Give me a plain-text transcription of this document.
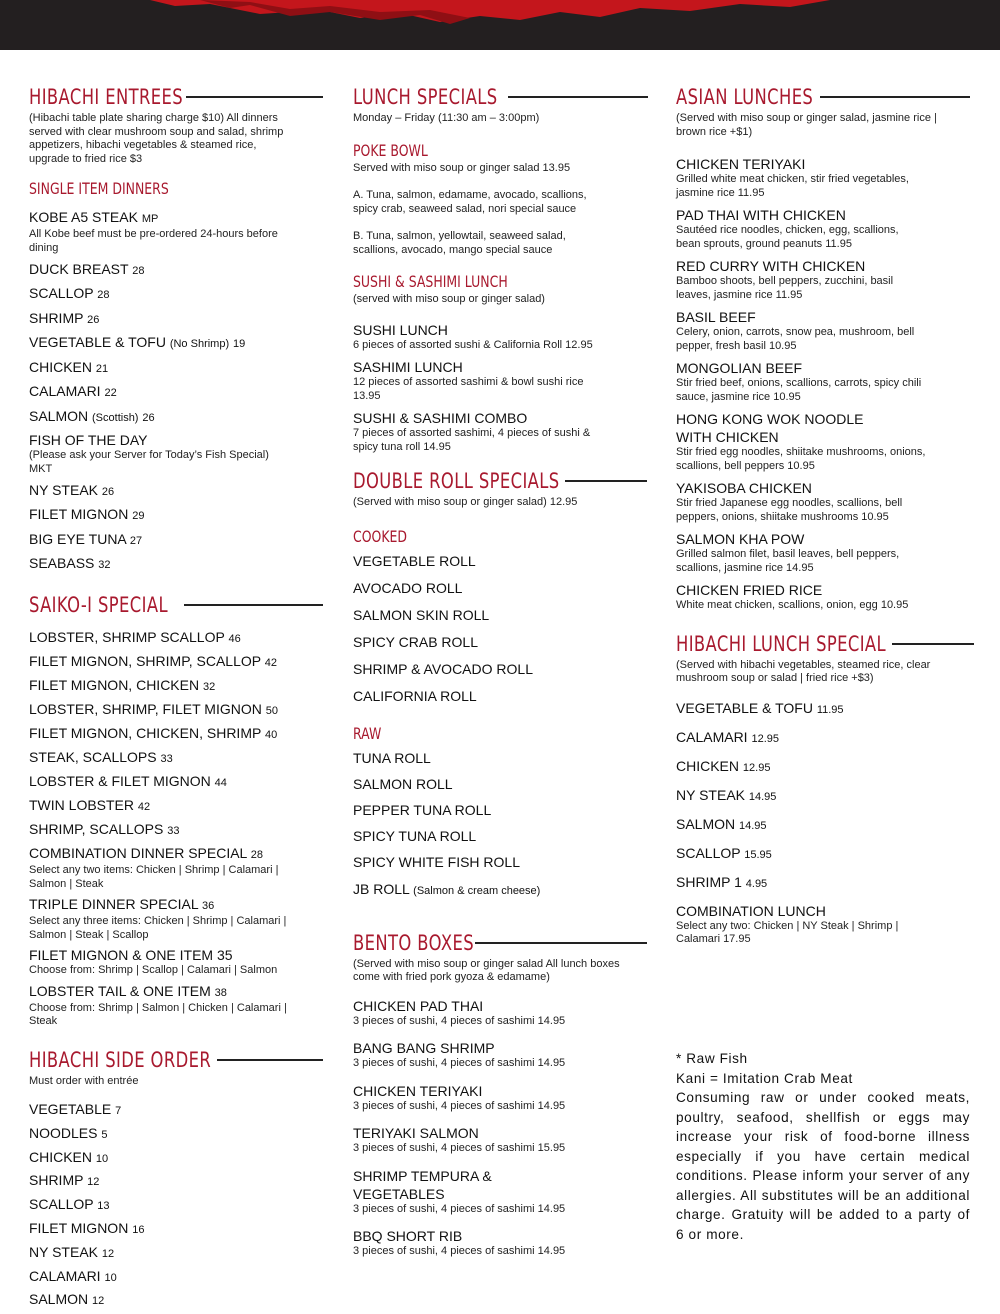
HIBACHI ENTREES
(Hibachi table plate sharing charge $10) All dinners served with clear mushroom soup and salad, shrimp appetizers, hibachi vegetables & steamed rice, upgrade to fried rice $3
SINGLE ITEM DINNERS
KOBE A5 STEAK MP
All Kobe beef must be pre-ordered 24-hours before dining
DUCK BREAST 28
SCALLOP 28
SHRIMP 26
VEGETABLE & TOFU (No Shrimp) 19
CHICKEN 21
CALAMARI 22
SALMON (Scottish) 26
FISH OF THE DAY
(Please ask your Server for Today’s Fish Special) MKT
NY STEAK 26
FILET MIGNON 29
BIG EYE TUNA 27
SEABASS 32
SAIKO-I SPECIAL
LOBSTER, SHRIMP SCALLOP 46
FILET MIGNON, SHRIMP, SCALLOP 42
FILET MIGNON, CHICKEN 32
LOBSTER, SHRIMP, FILET MIGNON 50
FILET MIGNON, CHICKEN, SHRIMP 40
STEAK, SCALLOPS 33
LOBSTER & FILET MIGNON 44
TWIN LOBSTER 42
SHRIMP, SCALLOPS 33
COMBINATION DINNER SPECIAL 28
Select any two items: Chicken | Shrimp | Calamari | Salmon | Steak
TRIPLE DINNER SPECIAL 36
Select any three items: Chicken | Shrimp | Calamari | Salmon | Steak | Scallop
FILET MIGNON & ONE ITEM 35
Choose from: Shrimp | Scallop | Calamari | Salmon
LOBSTER TAIL & ONE ITEM 38
Choose from: Shrimp | Salmon | Chicken | Calamari | Steak
HIBACHI SIDE ORDER
Must order with entrée
VEGETABLE 7
NOODLES 5
CHICKEN 10
SHRIMP 12
SCALLOP 13
FILET MIGNON 16
NY STEAK 12
CALAMARI 10
SALMON 12
LUNCH SPECIALS
Monday – Friday (11:30 am – 3:00pm)
POKE BOWL
Served with miso soup or ginger salad 13.95
A. Tuna, salmon, edamame, avocado, scallions, spicy crab, seaweed salad, nori special sauce
B. Tuna, salmon, yellowtail, seaweed salad, scallions, avocado, mango special sauce
SUSHI & SASHIMI LUNCH
(served with miso soup or ginger salad)
SUSHI LUNCH
6 pieces of assorted sushi & California Roll 12.95
SASHIMI LUNCH
12 pieces of assorted sashimi & bowl sushi rice 13.95
SUSHI & SASHIMI COMBO
7 pieces of assorted sashimi, 4 pieces of sushi & spicy tuna roll 14.95
DOUBLE ROLL SPECIALS
(Served with miso soup or ginger salad) 12.95
COOKED
VEGETABLE ROLL
AVOCADO ROLL
SALMON SKIN ROLL
SPICY CRAB ROLL
SHRIMP & AVOCADO ROLL
CALIFORNIA ROLL
RAW
TUNA ROLL
SALMON ROLL
PEPPER TUNA ROLL
SPICY TUNA ROLL
SPICY WHITE FISH ROLL
JB ROLL (Salmon & cream cheese)
BENTO BOXES
(Served with miso soup or ginger salad All lunch boxes come with fried pork gyoza & edamame)
CHICKEN PAD THAI
3 pieces of sushi, 4 pieces of sashimi 14.95
BANG BANG SHRIMP
3 pieces of sushi, 4 pieces of sashimi 14.95
CHICKEN TERIYAKI
3 pieces of sushi, 4 pieces of sashimi 14.95
TERIYAKI SALMON
3 pieces of sushi, 4 pieces of sashimi 15.95
SHRIMP TEMPURA & VEGETABLES
3 pieces of sushi, 4 pieces of sashimi 14.95
BBQ SHORT RIB
3 pieces of sushi, 4 pieces of sashimi 14.95
ASIAN LUNCHES
(Served with miso soup or ginger salad, jasmine rice | brown rice +$1)
CHICKEN TERIYAKI
Grilled white meat chicken, stir fried vegetables, jasmine rice 11.95
PAD THAI WITH CHICKEN
Sautéed rice noodles, chicken, egg, scallions, bean sprouts, ground peanuts 11.95
RED CURRY WITH CHICKEN
Bamboo shoots, bell peppers, zucchini, basil leaves, jasmine rice 11.95
BASIL BEEF
Celery, onion, carrots, snow pea, mushroom, bell pepper, fresh basil 10.95
MONGOLIAN BEEF
Stir fried beef, onions, scallions, carrots, spicy chili sauce, jasmine rice 10.95
HONG KONG WOK NOODLE WITH CHICKEN
Stir fried egg noodles, shiitake mushrooms, onions, scallions, bell peppers 10.95
YAKISOBA CHICKEN
Stir fried Japanese egg noodles, scallions, bell peppers, onions, shiitake mushrooms 10.95
SALMON KHA POW
Grilled salmon filet, basil leaves, bell peppers, scallions, jasmine rice 14.95
CHICKEN FRIED RICE
White meat chicken, scallions, onion, egg 10.95
HIBACHI LUNCH SPECIAL
(Served with hibachi vegetables, steamed rice, clear mushroom soup or salad | fried rice +$3)
VEGETABLE & TOFU 11.95
CALAMARI 12.95
CHICKEN 12.95
NY STEAK 14.95
SALMON 14.95
SCALLOP 15.95
SHRIMP 1 4.95
COMBINATION LUNCH
Select any two: Chicken | NY Steak | Shrimp | Calamari 17.95
* Raw Fish
Kani = Imitation Crab Meat
Consuming raw or under cooked meats, poultry, seafood, shellfish or eggs may increase your risk of food-borne illness especially if you have certain medical conditions. Please inform your server of any allergies. All substitutes will be an additional charge. Gratuity will be added to a party of 6 or more.
